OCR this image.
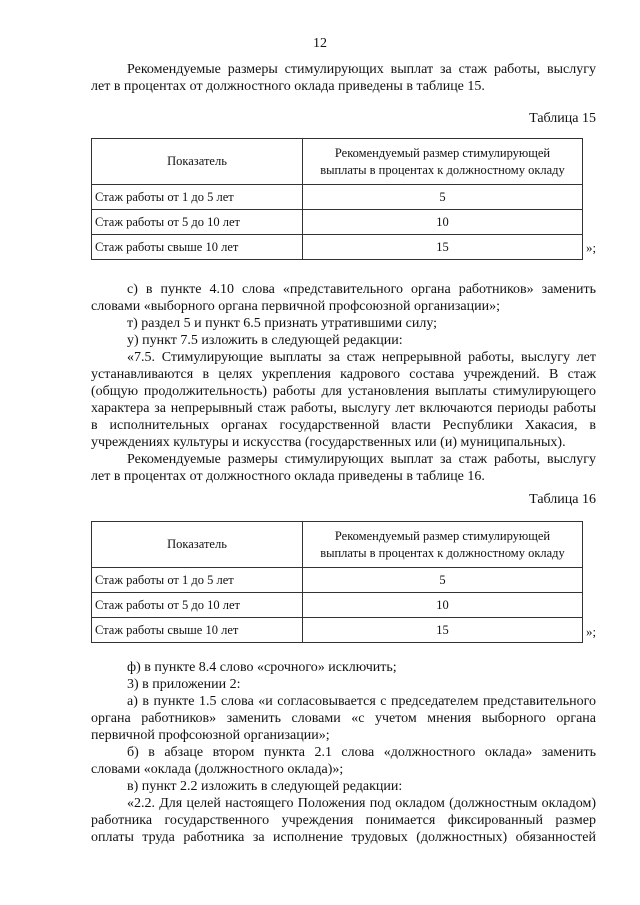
12
Рекомендуемые размеры стимулирующих выплат за стаж работы, выслугу
лет в процентах от должностного оклада приведены в таблице 15.
Таблица 15
Показатель	Рекомендуемый размер стимулирующей
выплаты в процентах к должностному окладу
Стаж работы от 1 до 5 лет	5
Стаж работы от 5 до 10 лет	10
Стаж работы свыше 10 лет	15	»;
с) в пункте 4.10 слова «представительного органа работников» заменить
словами «выборного органа первичной профсоюзной организации»;
т) раздел 5 и пункт 6.5 признать утратившими силу;
у) пункт 7.5 изложить в следующей редакции:
«7.5. Стимулирующие выплаты за стаж непрерывной работы, выслугу лет
устанавливаются в целях укрепления кадрового состава учреждений. В стаж
(общую продолжительность) работы для установления выплаты стимулирующего
характера за непрерывный стаж работы, выслугу лет включаются периоды работы
в исполнительных органах государственной власти Республики Хакасия, в
учреждениях культуры и искусства (государственных или (и) муниципальных).
Рекомендуемые размеры стимулирующих выплат за стаж работы, выслугу
лет в процентах от должностного оклада приведены в таблице 16.
Таблица 16
Показатель	Рекомендуемый размер стимулирующей
выплаты в процентах к должностному окладу
Стаж работы от 1 до 5 лет	5
Стаж работы от 5 до 10 лет	10
Стаж работы свыше 10 лет	15	»;
ф) в пункте 8.4 слово «срочного» исключить;
3) в приложении 2:
а) в пункте 1.5 слова «и согласовывается с председателем представительного
органа работников» заменить словами «с учетом мнения выборного органа
первичной профсоюзной организации»;
б) в абзаце втором пункта 2.1 слова «должностного оклада» заменить
словами «оклада (должностного оклада)»;
в) пункт 2.2 изложить в следующей редакции:
«2.2. Для целей настоящего Положения под окладом (должностным окладом)
работника государственного учреждения понимается фиксированный размер
оплаты труда работника за исполнение трудовых (должностных) обязанностей
